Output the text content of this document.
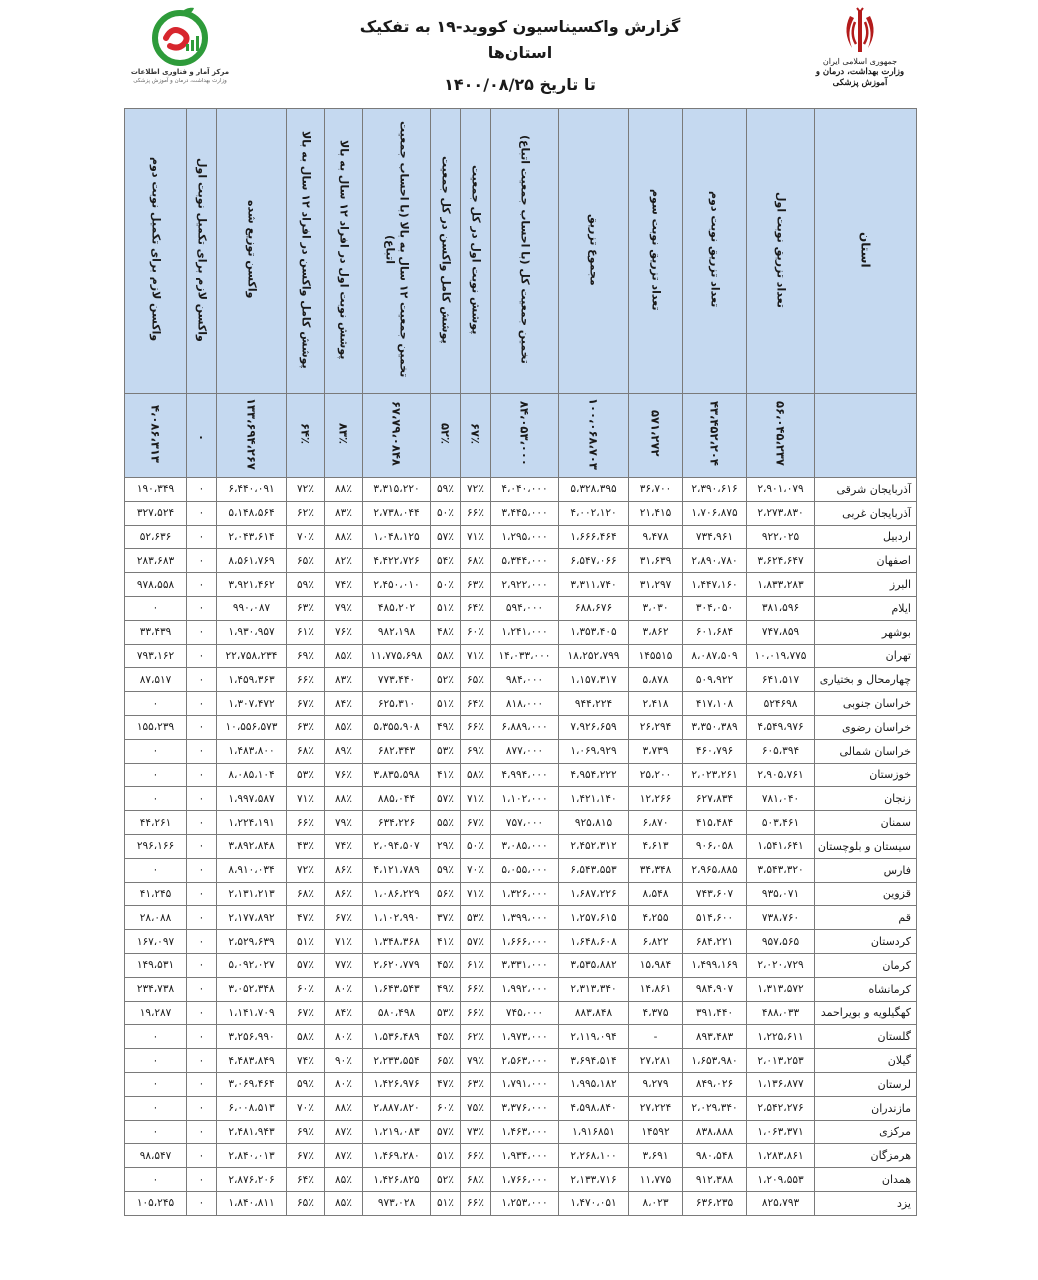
مرکز آمار و فناوری اطلاعات
وزارت بهداشت، درمان و آموزش پزشکی
گزارش واکسیناسیون کووید-۱۹ به تفکیک استان‌ها
تا تاریخ ۱۴۰۰/۰۸/۲۵
جمهوری اسلامی ایران
وزارت بهداشت، درمان و آموزش پزشکی
واکسن لازم برای تکمیل نوبت دوم	واکسن لازم برای تکمیل نوبت اول	واکسن توزیع شده	پوشش کامل واکسن در افراد ۱۲ سال به بالا	پوشش نوبت اول در افراد ۱۲ سال به بالا	تخمین جمعیت ۱۲ سال به بالا (با احساب جمعیت اتباع)	پوشش کامل واکسن در کل جمعیت	پوشش نوبت اول در کل جمعیت	تخمین جمعیت کل (با احساب جمعیت اتباع)	مجموع تزریق	تعداد تزریق نوبت سوم	تعداد تزریق نوبت دوم	تعداد تزریق نوبت اول	استان
۴،۰۸۶،۳۱۳	۰	۱۳۳،۶۹۴،۲۶۷	۶۴٪	۸۳٪	۶۷،۷۹،۰۸۴۸	۵۲٪	۶۷٪	۸۴،۰۵۳،۰۰۰	۱۰۰،۰۶۸،۷۰۳	۵۷۱،۲۷۲	۴۳،۴۵۲،۲۰۴	۵۶،۰۴۵،۲۳۷	
۱۹۰،۳۴۹	۰	۶،۴۴۰،۰۹۱	۷۲٪	۸۸٪	۳،۳۱۵،۲۲۰	۵۹٪	۷۲٪	۴،۰۴۰،۰۰۰	۵،۳۲۸،۳۹۵	۳۶،۷۰۰	۲،۳۹۰،۶۱۶	۲،۹۰۱،۰۷۹	آذربایجان شرقی
۳۲۷،۵۲۴	۰	۵،۱۴۸،۵۶۴	۶۲٪	۸۳٪	۲،۷۳۸،۰۴۴	۵۰٪	۶۶٪	۳،۴۴۵،۰۰۰	۴،۰۰۲،۱۲۰	۲۱،۴۱۵	۱،۷۰۶،۸۷۵	۲،۲۷۳،۸۳۰	آذربایجان غربی
۵۲،۶۳۶	۰	۲،۰۴۳،۶۱۴	۷۰٪	۸۸٪	۱،۰۴۸،۱۲۵	۵۷٪	۷۱٪	۱،۲۹۵،۰۰۰	۱،۶۶۶،۴۶۴	۹،۴۷۸	۷۳۴،۹۶۱	۹۲۲،۰۲۵	اردبیل
۲۸۳،۶۸۳	۰	۸،۵۶۱،۷۶۹	۶۵٪	۸۲٪	۴،۴۲۲،۷۲۶	۵۴٪	۶۸٪	۵،۳۴۴،۰۰۰	۶،۵۴۷،۰۶۶	۳۱،۶۳۹	۲،۸۹۰،۷۸۰	۳،۶۲۴،۶۴۷	اصفهان
۹۷۸،۵۵۸	۰	۳،۹۲۱،۴۶۲	۵۹٪	۷۴٪	۲،۴۵۰،۰۱۰	۵۰٪	۶۳٪	۲،۹۲۲،۰۰۰	۳،۳۱۱،۷۴۰	۳۱،۲۹۷	۱،۴۴۷،۱۶۰	۱،۸۳۳،۲۸۳	البرز
۰	۰	۹۹۰،۰۸۷	۶۳٪	۷۹٪	۴۸۵،۲۰۲	۵۱٪	۶۴٪	۵۹۴،۰۰۰	۶۸۸،۶۷۶	۳،۰۳۰	۳۰۴،۰۵۰	۳۸۱،۵۹۶	ایلام
۳۳،۴۳۹	۰	۱،۹۳۰،۹۵۷	۶۱٪	۷۶٪	۹۸۲،۱۹۸	۴۸٪	۶۰٪	۱،۲۴۱،۰۰۰	۱،۳۵۳،۴۰۵	۳،۸۶۲	۶۰۱،۶۸۴	۷۴۷،۸۵۹	بوشهر
۷۹۳،۱۶۲	۰	۲۲،۷۵۸،۲۳۴	۶۹٪	۸۵٪	۱۱،۷۷۵،۶۹۸	۵۸٪	۷۱٪	۱۴،۰۳۳،۰۰۰	۱۸،۲۵۲،۷۹۹	۱۴۵۵۱۵	۸،۰۸۷،۵۰۹	۱۰،۰۱۹،۷۷۵	تهران
۸۷،۵۱۷	۰	۱،۴۵۹،۳۶۳	۶۶٪	۸۳٪	۷۷۳،۴۴۰	۵۲٪	۶۵٪	۹۸۴،۰۰۰	۱،۱۵۷،۳۱۷	۵،۸۷۸	۵۰۹،۹۲۲	۶۴۱،۵۱۷	چهارمحال و بختیاری
۰	۰	۱،۳۰۷،۴۷۲	۶۷٪	۸۴٪	۶۲۵،۳۱۰	۵۱٪	۶۴٪	۸۱۸،۰۰۰	۹۴۴،۲۲۴	۲،۴۱۸	۴۱۷،۱۰۸	۵۲۴۶۹۸	خراسان جنوبی
۱۵۵،۲۳۹	۰	۱۰،۵۵۶،۵۷۳	۶۳٪	۸۵٪	۵،۳۵۵،۹۰۸	۴۹٪	۶۶٪	۶،۸۸۹،۰۰۰	۷،۹۲۶،۶۵۹	۲۶،۲۹۴	۳،۳۵۰،۳۸۹	۴،۵۴۹،۹۷۶	خراسان رضوی
۰	۰	۱،۴۸۳،۸۰۰	۶۸٪	۸۹٪	۶۸۲،۳۴۳	۵۳٪	۶۹٪	۸۷۷،۰۰۰	۱،۰۶۹،۹۲۹	۳،۷۳۹	۴۶۰،۷۹۶	۶۰۵،۳۹۴	خراسان شمالی
۰	۰	۸،۰۸۵،۱۰۴	۵۳٪	۷۶٪	۳،۸۳۵،۵۹۸	۴۱٪	۵۸٪	۴،۹۹۴،۰۰۰	۴،۹۵۴،۲۲۲	۲۵،۲۰۰	۲،۰۲۳،۲۶۱	۲،۹۰۵،۷۶۱	خوزستان
۰	۰	۱،۹۹۷،۵۸۷	۷۱٪	۸۸٪	۸۸۵،۰۴۴	۵۷٪	۷۱٪	۱،۱۰۲،۰۰۰	۱،۴۲۱،۱۴۰	۱۲،۲۶۶	۶۲۷،۸۳۴	۷۸۱،۰۴۰	زنجان
۴۴،۲۶۱	۰	۱،۲۲۴،۱۹۱	۶۶٪	۷۹٪	۶۳۴،۲۲۶	۵۵٪	۶۷٪	۷۵۷،۰۰۰	۹۲۵،۸۱۵	۶،۸۷۰	۴۱۵،۴۸۴	۵۰۳،۴۶۱	سمنان
۲۹۶،۱۶۶	۰	۳،۸۹۲،۸۴۸	۴۳٪	۷۴٪	۲،۰۹۴،۵۰۷	۲۹٪	۵۰٪	۳،۰۸۵،۰۰۰	۲،۴۵۲،۳۱۲	۴،۶۱۳	۹۰۶،۰۵۸	۱،۵۴۱،۶۴۱	سیستان و بلوچستان
۰	۰	۸،۹۱۰،۰۳۴	۷۲٪	۸۶٪	۴،۱۲۱،۷۸۹	۵۹٪	۷۰٪	۵،۰۵۵،۰۰۰	۶،۵۴۳،۵۵۳	۳۴،۳۴۸	۲،۹۶۵،۸۸۵	۳،۵۴۳،۳۲۰	فارس
۴۱،۲۴۵	۰	۲،۱۳۱،۲۱۳	۶۸٪	۸۶٪	۱،۰۸۶،۲۲۹	۵۶٪	۷۱٪	۱،۳۲۶،۰۰۰	۱،۶۸۷،۲۲۶	۸،۵۴۸	۷۴۳،۶۰۷	۹۳۵،۰۷۱	قزوین
۲۸،۰۸۸	۰	۲،۱۷۷،۸۹۲	۴۷٪	۶۷٪	۱،۱۰۲،۹۹۰	۳۷٪	۵۳٪	۱،۳۹۹،۰۰۰	۱،۲۵۷،۶۱۵	۴،۲۵۵	۵۱۴،۶۰۰	۷۳۸،۷۶۰	قم
۱۶۷،۰۹۷	۰	۲،۵۲۹،۶۳۹	۵۱٪	۷۱٪	۱،۳۴۸،۳۶۸	۴۱٪	۵۷٪	۱،۶۶۶،۰۰۰	۱،۶۴۸،۶۰۸	۶،۸۲۲	۶۸۴،۲۲۱	۹۵۷،۵۶۵	کردستان
۱۴۹،۵۳۱	۰	۵،۰۹۲،۰۲۷	۵۷٪	۷۷٪	۲،۶۲۰،۷۷۹	۴۵٪	۶۱٪	۳،۳۳۱،۰۰۰	۳،۵۳۵،۸۸۲	۱۵،۹۸۴	۱،۴۹۹،۱۶۹	۲،۰۲۰،۷۲۹	کرمان
۲۳۴،۷۳۸	۰	۳،۰۵۲،۳۴۸	۶۰٪	۸۰٪	۱،۶۴۳،۵۴۳	۴۹٪	۶۶٪	۱،۹۹۲،۰۰۰	۲،۳۱۳،۳۴۰	۱۴،۸۶۱	۹۸۴،۹۰۷	۱،۳۱۳،۵۷۲	کرمانشاه
۱۹،۲۸۷	۰	۱،۱۴۱،۷۰۹	۶۷٪	۸۴٪	۵۸۰،۴۹۸	۵۳٪	۶۶٪	۷۴۵،۰۰۰	۸۸۳،۸۴۸	۴،۳۷۵	۳۹۱،۴۴۰	۴۸۸،۰۳۳	کهگیلویه و بویراحمد
۰	۰	۳،۲۵۶،۹۹۰	۵۸٪	۸۰٪	۱،۵۳۶،۴۸۹	۴۵٪	۶۲٪	۱،۹۷۳،۰۰۰	۲،۱۱۹،۰۹۴	-	۸۹۳،۴۸۳	۱،۲۲۵،۶۱۱	گلستان
۰	۰	۴،۴۸۳،۸۴۹	۷۴٪	۹۰٪	۲،۲۳۳،۵۵۴	۶۵٪	۷۹٪	۲،۵۶۳،۰۰۰	۳،۶۹۴،۵۱۴	۲۷،۲۸۱	۱،۶۵۳،۹۸۰	۲،۰۱۳،۲۵۳	گیلان
۰	۰	۳،۰۶۹،۴۶۴	۵۹٪	۸۰٪	۱،۴۲۶،۹۷۶	۴۷٪	۶۳٪	۱،۷۹۱،۰۰۰	۱،۹۹۵،۱۸۲	۹،۲۷۹	۸۴۹،۰۲۶	۱،۱۳۶،۸۷۷	لرستان
۰	۰	۶،۰۰۸،۵۱۳	۷۰٪	۸۸٪	۲،۸۸۷،۸۲۰	۶۰٪	۷۵٪	۳،۳۷۶،۰۰۰	۴،۵۹۸،۸۴۰	۲۷،۲۲۴	۲،۰۲۹،۳۴۰	۲،۵۴۲،۲۷۶	مازندران
۰	۰	۲،۴۸۱،۹۴۳	۶۹٪	۸۷٪	۱،۲۱۹،۰۸۳	۵۷٪	۷۳٪	۱،۴۶۳،۰۰۰	۱،۹۱۶۸۵۱	۱۴۵۹۲	۸۳۸،۸۸۸	۱،۰۶۳،۳۷۱	مرکزی
۹۸،۵۴۷	۰	۲،۸۴۰،۰۱۳	۶۷٪	۸۷٪	۱،۴۶۹،۲۸۰	۵۱٪	۶۶٪	۱،۹۳۴،۰۰۰	۲،۲۶۸،۱۰۰	۳،۶۹۱	۹۸۰،۵۴۸	۱،۲۸۳،۸۶۱	هرمزگان
۰	۰	۲،۸۷۶،۲۰۶	۶۴٪	۸۵٪	۱،۴۲۶،۸۲۵	۵۲٪	۶۸٪	۱،۷۶۶،۰۰۰	۲،۱۳۳،۷۱۶	۱۱،۷۷۵	۹۱۲،۳۸۸	۱،۲۰۹،۵۵۳	همدان
۱۰۵،۲۴۵	۰	۱،۸۴۰،۸۱۱	۶۵٪	۸۵٪	۹۷۳،۰۲۸	۵۱٪	۶۶٪	۱،۲۵۳،۰۰۰	۱،۴۷۰،۰۵۱	۸،۰۲۳	۶۳۶،۲۳۵	۸۲۵،۷۹۳	یزد
